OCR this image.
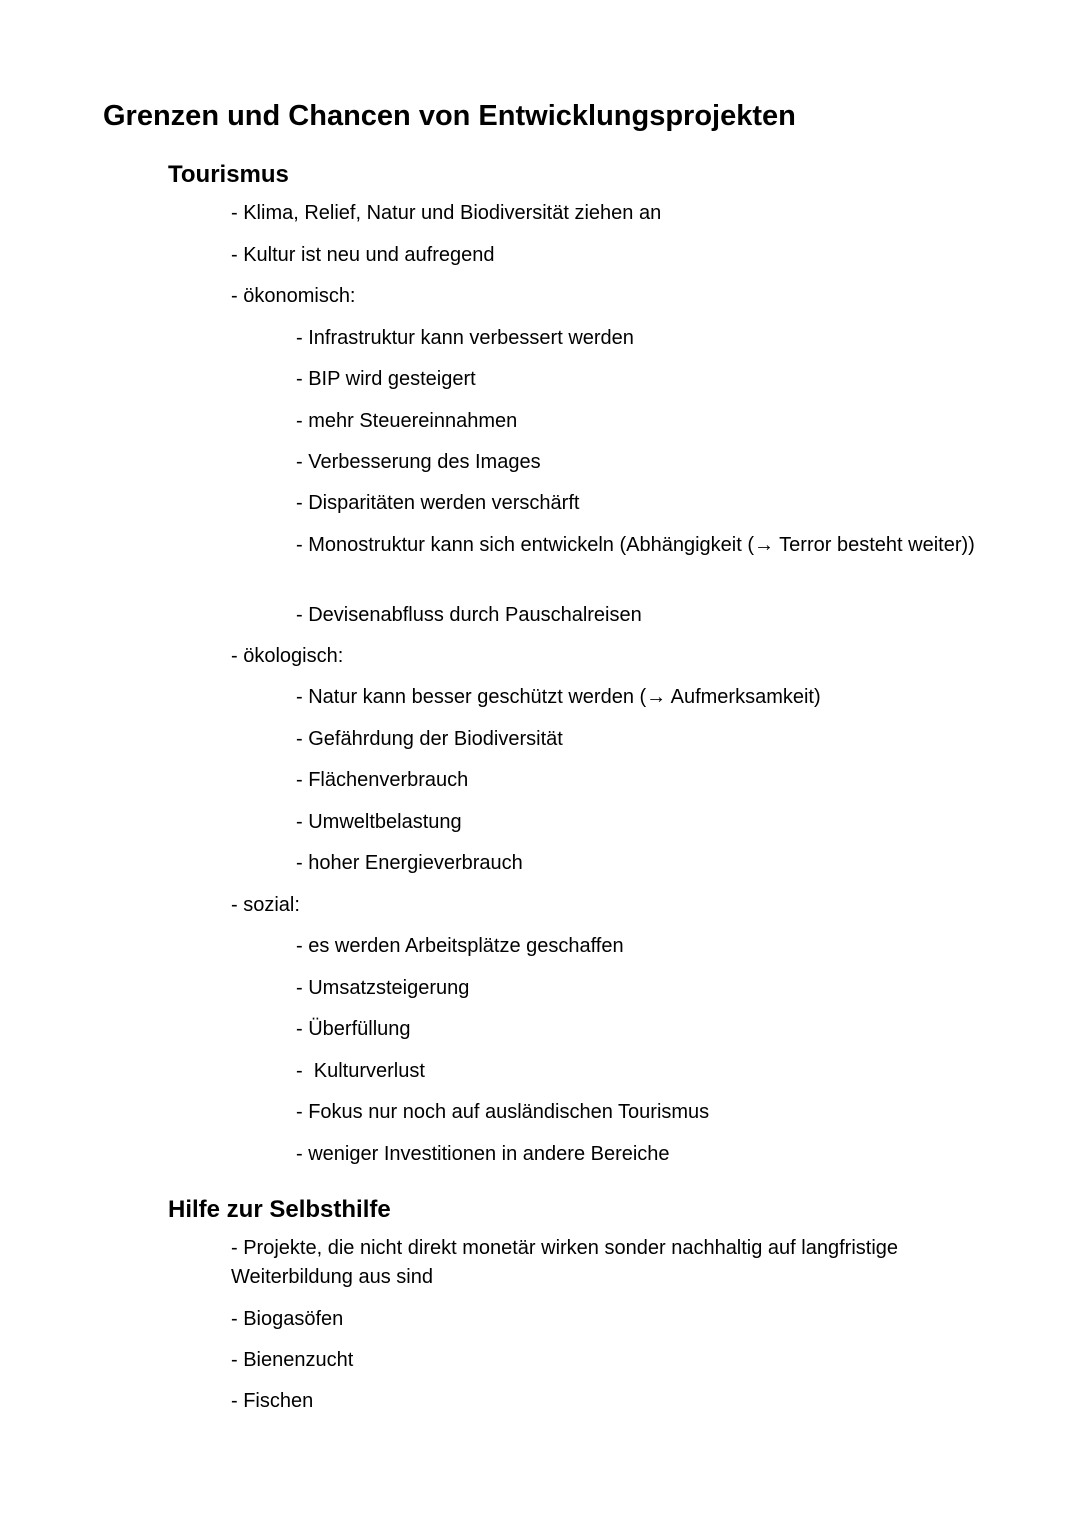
Grenzen und Chancen von Entwicklungsprojekten
Tourismus

- Klima, Relief, Natur und Biodiversität ziehen an

- Kultur ist neu und aufregend

- ökonomisch:

- Infrastruktur kann verbessert werden

- BIP wird gesteigert

- mehr Steuereinnahmen

- Verbesserung des Images

- Disparitäten werden verschärft

- Monostruktur kann sich entwickeln (Abhängigkeit (→ Terror besteht weiter))

- Devisenabfluss durch Pauschalreisen

- ökologisch:

- Natur kann besser geschützt werden (→ Aufmerksamkeit)

- Gefährdung der Biodiversität

- Flächenverbrauch

- Umweltbelastung

- hoher Energieverbrauch

- sozial:

- es werden Arbeitsplätze geschaffen

- Umsatzsteigerung

- Überfüllung

-  Kulturverlust

- Fokus nur noch auf ausländischen Tourismus

- weniger Investitionen in andere Bereiche

Hilfe zur Selbsthilfe

- Projekte, die nicht direkt monetär wirken sonder nachhaltig auf langfristige Weiterbildung aus sind

- Biogasöfen

- Bienenzucht

- Fischen
